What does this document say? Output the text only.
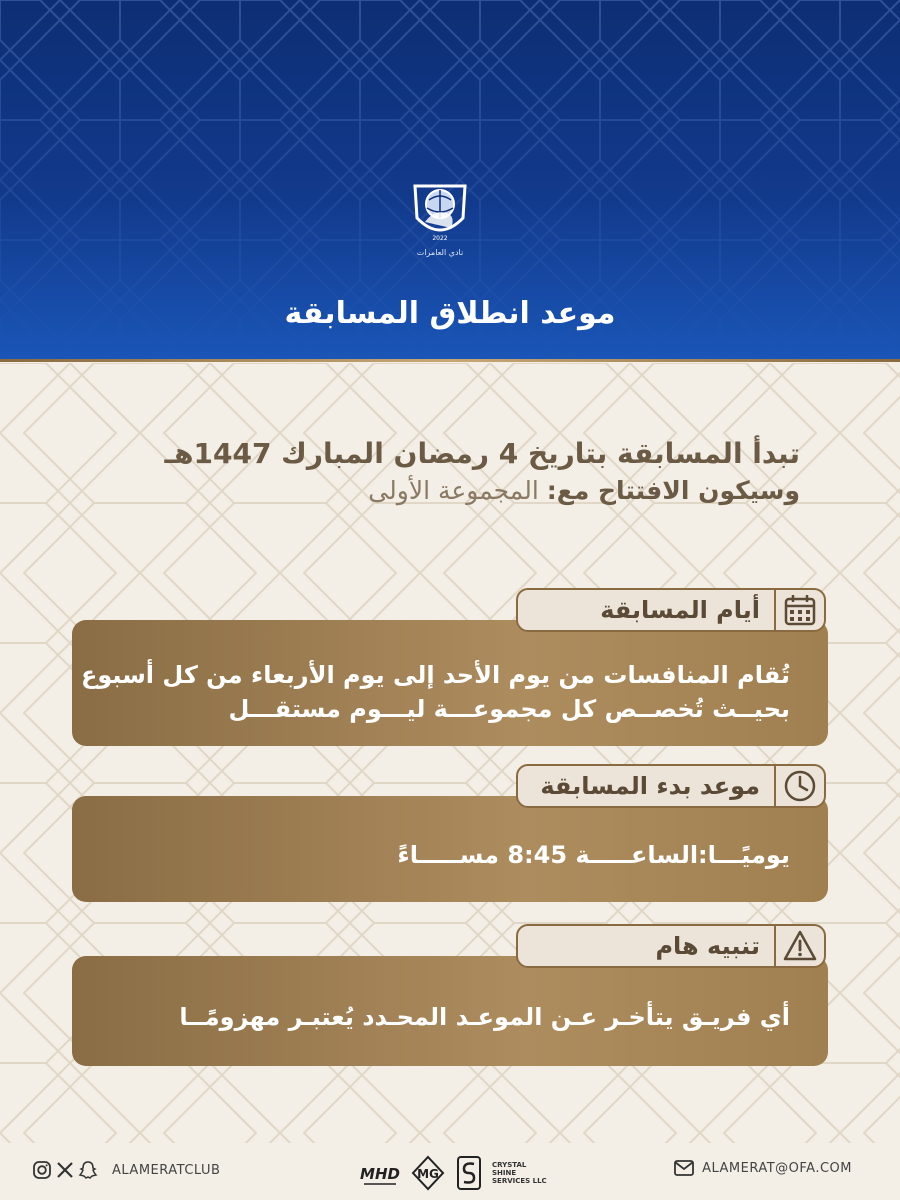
2022
نادي العامرات
موعد انطلاق المسابقة
تبدأ المسابقة بتاريخ 4 رمضان المبارك 1447هـ
وسيكون الافتتاح مع: المجموعة الأولى
تُقام المنافسات من يوم الأحد إلى يوم الأربعاء من كل أسبوع
بحيــث تُخصــص كل مجموعـــة ليـــوم مستقـــل
أيام المسابقة
يوميًـــا:الساعـــــة 8:45 مســـــاءً
موعد بدء المسابقة
أي فريـق يتأخـر عـن الموعـد المحـدد يُعتبـر مهزومًــا
تنبيه هام
ALAMERATCLUB	MHD MG
CRYSTAL
SHINE
SERVICES LLC
ALAMERAT@OFA.COM
